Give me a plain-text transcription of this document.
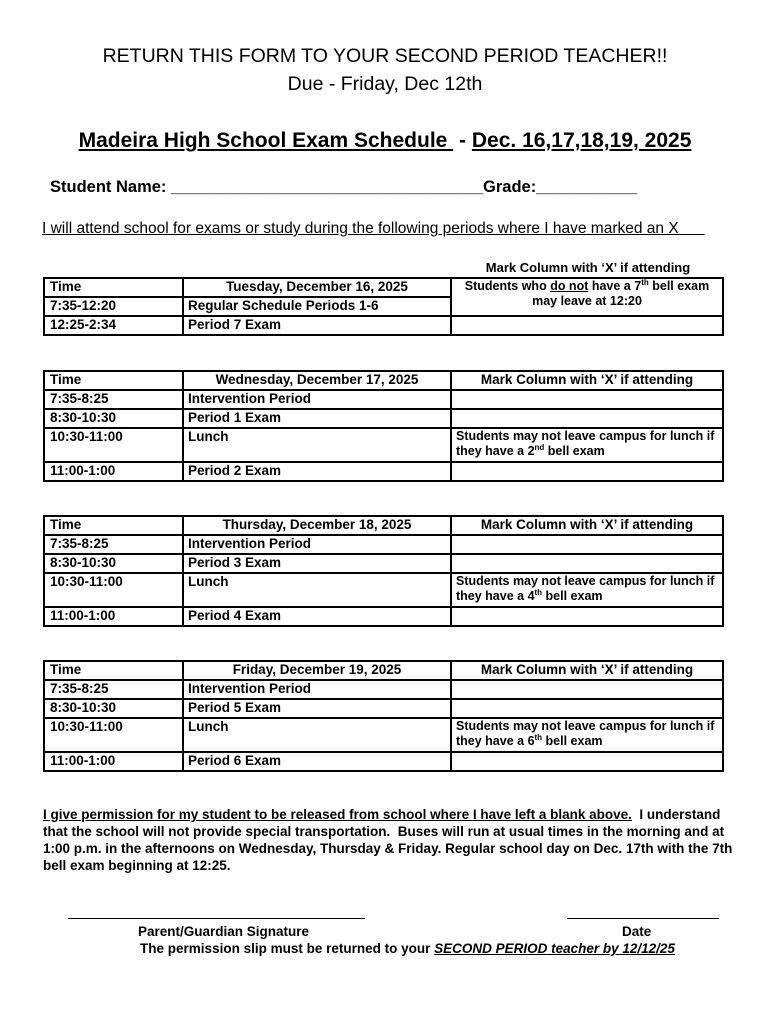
RETURN THIS FORM TO YOUR SECOND PERIOD TEACHER!!
Due - Friday, Dec 12th
Madeira High School Exam Schedule  - Dec. 16,17,18,19, 2025
Student Name: __________________________________Grade:___________
I will attend school for exams or study during the following periods where I have marked an X
Mark Column with ‘X’ if attending
Time	Tuesday, December 16, 2025	Students who do not have a 7th bell exam may leave at 12:20
7:35-12:20	Regular Schedule Periods 1-6	
12:25-2:34	Period 7 Exam	
Time	Wednesday, December 17, 2025	Mark Column with ‘X’ if attending
7:35-8:25	Intervention Period	
8:30-10:30	Period 1 Exam	
10:30-11:00	Lunch	Students may not leave campus for lunch if they have a 2nd bell exam
11:00-1:00	Period 2 Exam	
Time	Thursday, December 18, 2025	Mark Column with ‘X’ if attending
7:35-8:25	Intervention Period	
8:30-10:30	Period 3 Exam	
10:30-11:00	Lunch	Students may not leave campus for lunch if they have a 4th bell exam
11:00-1:00	Period 4 Exam	
Time	Friday, December 19, 2025	Mark Column with ‘X’ if attending
7:35-8:25	Intervention Period	
8:30-10:30	Period 5 Exam	
10:30-11:00	Lunch	Students may not leave campus for lunch if they have a 6th bell exam
11:00-1:00	Period 6 Exam	
I give permission for my student to be released from school where I have left a blank above.  I understand that the school will not provide special transportation.  Buses will run at usual times in the morning and at 1:00 p.m. in the afternoons on Wednesday, Thursday & Friday. Regular school day on Dec. 17th with the 7th bell exam beginning at 12:25.
Parent/Guardian Signature	Date
The permission slip must be returned to your SECOND PERIOD teacher by 12/12/25
